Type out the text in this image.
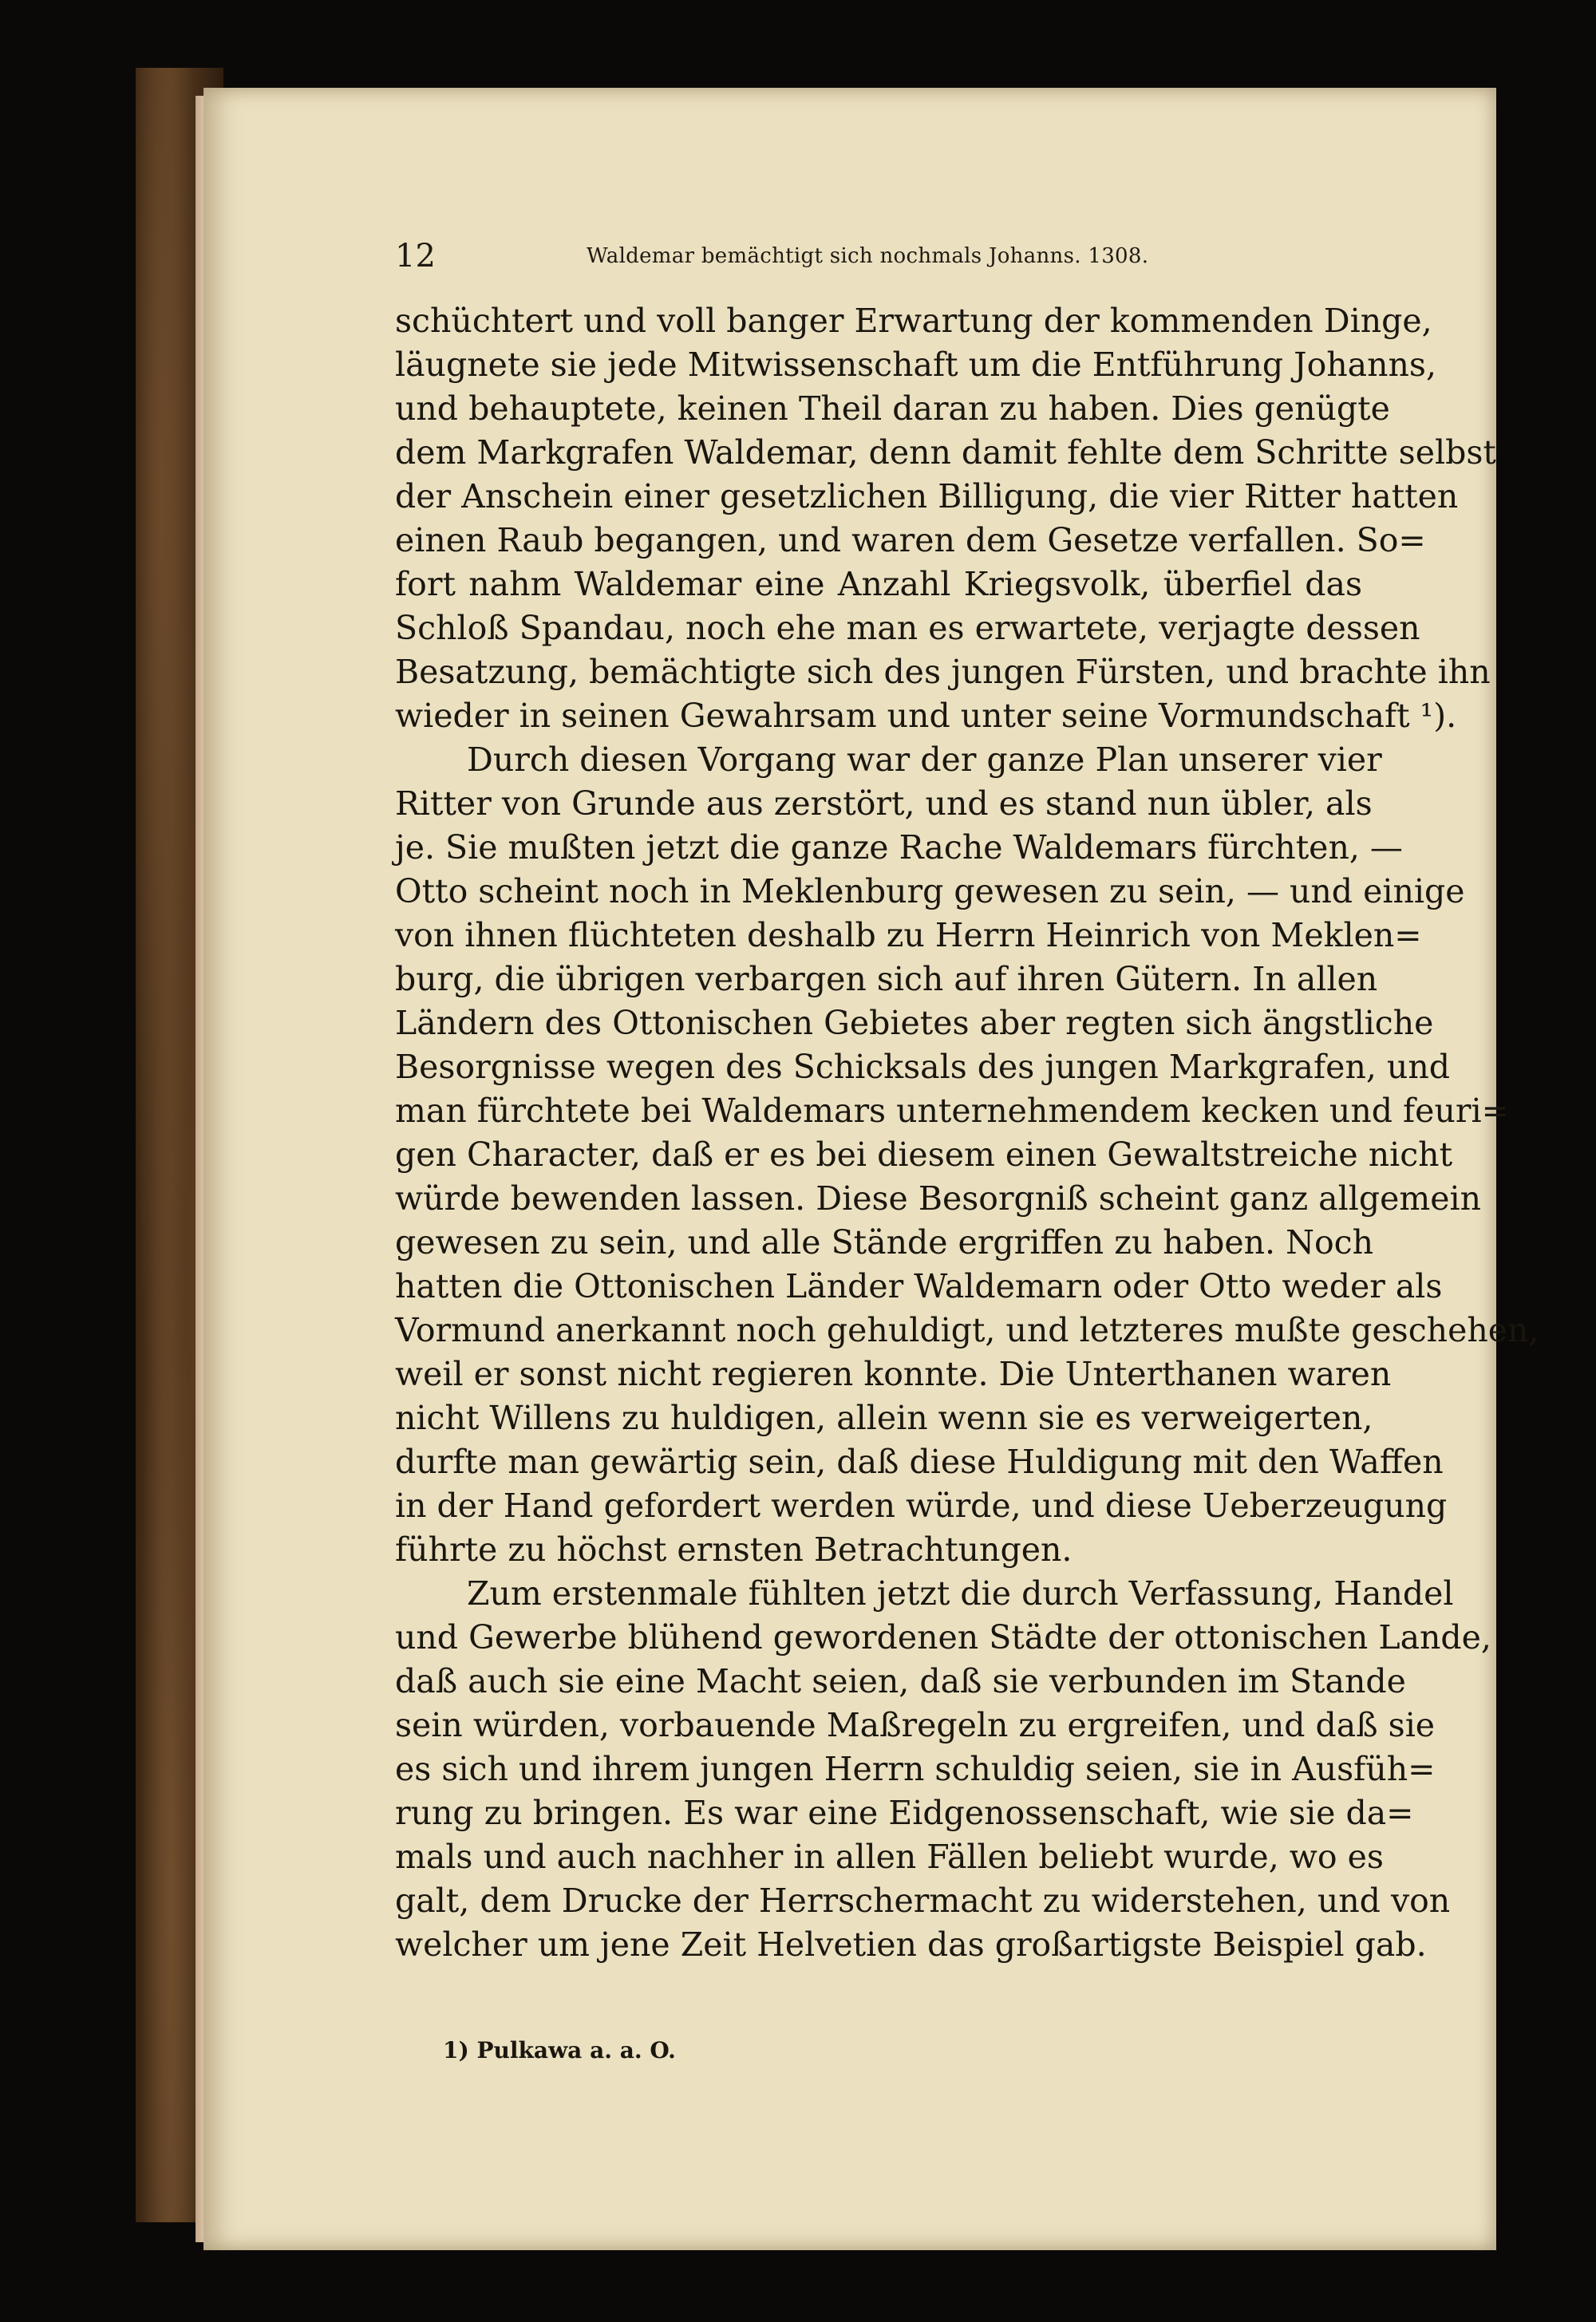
12	Waldemar bemächtigt sich nochmals Johanns. 1308.
schüchtert und voll banger Erwartung der kommenden Dinge,
läugnete sie jede Mitwissenschaft um die Entführung Johanns,
und behauptete, keinen Theil daran zu haben. Dies genügte
dem Markgrafen Waldemar, denn damit fehlte dem Schritte selbst
der Anschein einer gesetzlichen Billigung, die vier Ritter hatten
einen Raub begangen, und waren dem Gesetze verfallen. So=
fort nahm Waldemar eine Anzahl Kriegsvolk, überfiel das
Schloß Spandau, noch ehe man es erwartete, verjagte dessen
Besatzung, bemächtigte sich des jungen Fürsten, und brachte ihn
wieder in seinen Gewahrsam und unter seine Vormundschaft ¹).
Durch diesen Vorgang war der ganze Plan unserer vier
Ritter von Grunde aus zerstört, und es stand nun übler, als
je. Sie mußten jetzt die ganze Rache Waldemars fürchten, —
Otto scheint noch in Meklenburg gewesen zu sein, — und einige
von ihnen flüchteten deshalb zu Herrn Heinrich von Meklen=
burg, die übrigen verbargen sich auf ihren Gütern. In allen
Ländern des Ottonischen Gebietes aber regten sich ängstliche
Besorgnisse wegen des Schicksals des jungen Markgrafen, und
man fürchtete bei Waldemars unternehmendem kecken und feuri=
gen Character, daß er es bei diesem einen Gewaltstreiche nicht
würde bewenden lassen. Diese Besorgniß scheint ganz allgemein
gewesen zu sein, und alle Stände ergriffen zu haben. Noch
hatten die Ottonischen Länder Waldemarn oder Otto weder als
Vormund anerkannt noch gehuldigt, und letzteres mußte geschehen,
weil er sonst nicht regieren konnte. Die Unterthanen waren
nicht Willens zu huldigen, allein wenn sie es verweigerten,
durfte man gewärtig sein, daß diese Huldigung mit den Waffen
in der Hand gefordert werden würde, und diese Ueberzeugung
führte zu höchst ernsten Betrachtungen.
Zum erstenmale fühlten jetzt die durch Verfassung, Handel
und Gewerbe blühend gewordenen Städte der ottonischen Lande,
daß auch sie eine Macht seien, daß sie verbunden im Stande
sein würden, vorbauende Maßregeln zu ergreifen, und daß sie
es sich und ihrem jungen Herrn schuldig seien, sie in Ausfüh=
rung zu bringen. Es war eine Eidgenossenschaft, wie sie da=
mals und auch nachher in allen Fällen beliebt wurde, wo es
galt, dem Drucke der Herrschermacht zu widerstehen, und von
welcher um jene Zeit Helvetien das großartigste Beispiel gab.
1) Pulkawa a. a. O.
